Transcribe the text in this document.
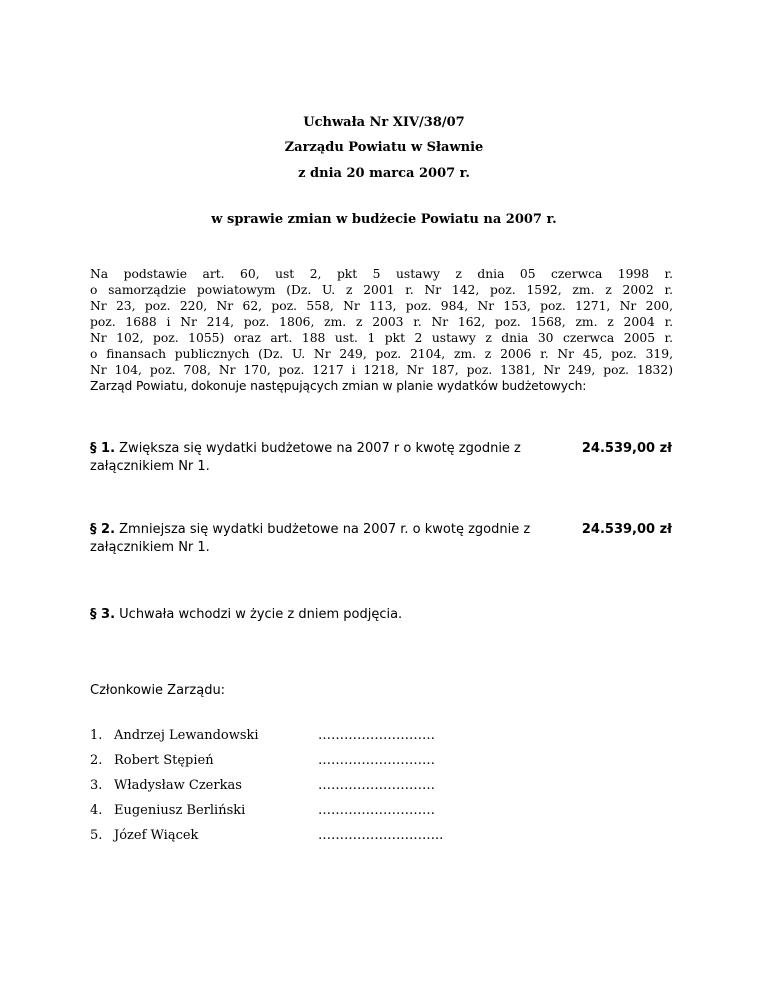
Uchwała Nr XIV/38/07
Zarządu Powiatu w Sławnie
z dnia 20 marca 2007 r.
w sprawie zmian w budżecie Powiatu na 2007 r.
Na podstawie art. 60, ust 2, pkt 5 ustawy z dnia 05 czerwca 1998 r.
o samorządzie powiatowym (Dz. U. z 2001 r. Nr 142, poz. 1592, zm. z 2002 r.
Nr 23, poz. 220, Nr 62, poz. 558, Nr 113, poz. 984, Nr 153, poz. 1271, Nr 200,
poz. 1688 i Nr 214, poz. 1806, zm. z 2003 r. Nr 162, poz. 1568, zm. z 2004 r.
Nr 102, poz. 1055) oraz art. 188 ust. 1 pkt 2 ustawy z dnia 30 czerwca 2005 r.
o finansach publicznych (Dz. U. Nr 249, poz. 2104, zm. z 2006 r. Nr 45, poz. 319,
Nr 104, poz. 708, Nr 170, poz. 1217 i 1218, Nr 187, poz. 1381, Nr 249, poz. 1832)
Zarząd Powiatu, dokonuje następujących zmian w planie wydatków budżetowych:
§ 1. Zwiększa się wydatki budżetowe na 2007 r o kwotę zgodnie z załącznikiem Nr 1.
24.539,00 zł
§ 2. Zmniejsza się wydatki budżetowe na 2007 r. o kwotę zgodnie z załącznikiem Nr 1.
24.539,00 zł
§ 3. Uchwała wchodzi w życie z dniem podjęcia.
Członkowie Zarządu:
1. Andrzej Lewandowski	………………………
2. Robert Stępień	………………………
3. Władysław Czerkas	………………………
4. Eugeniusz Berliński	………………………
5. Józef Wiącek	………………………..
